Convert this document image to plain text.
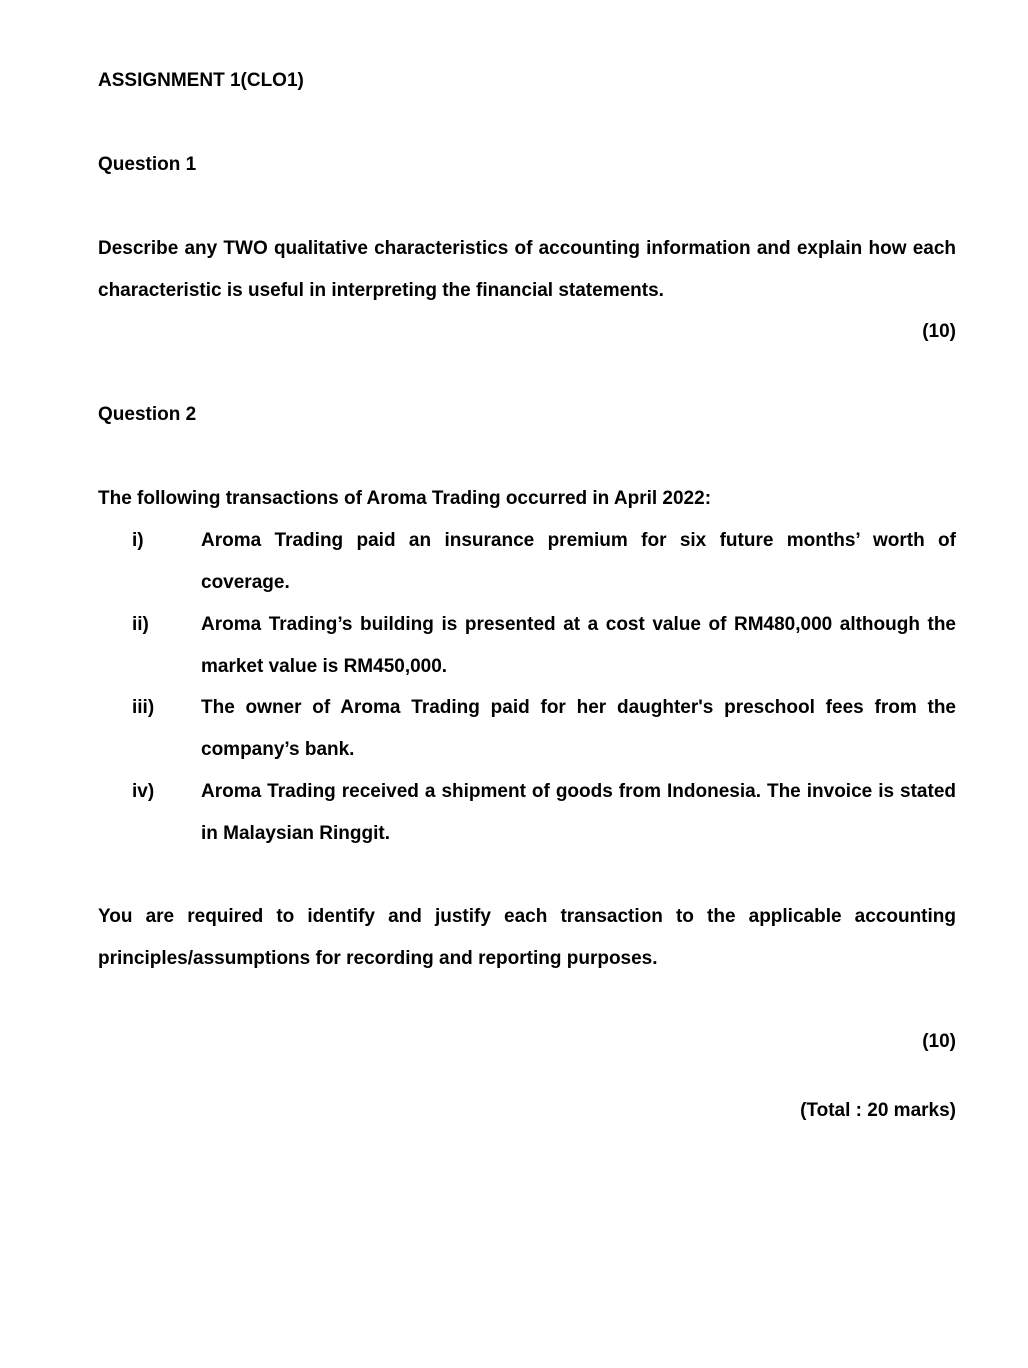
ASSIGNMENT 1(CLO1)
Question 1
Describe any TWO qualitative characteristics of accounting information and explain how each characteristic is useful in interpreting the financial statements.
(10)
Question 2
The following transactions of Aroma Trading occurred in April 2022:
i)	Aroma Trading paid an insurance premium for six future months’ worth of coverage.
ii)	Aroma Trading’s building is presented at a cost value of RM480,000 although the market value is RM450,000.
iii) The owner of Aroma Trading paid for her daughter's preschool fees from the company’s bank.
iv) Aroma Trading received a shipment of goods from Indonesia. The invoice is stated in Malaysian Ringgit.
You are required to identify and justify each transaction to the applicable accounting principles/assumptions for recording and reporting purposes.
(10)
(Total : 20 marks)
